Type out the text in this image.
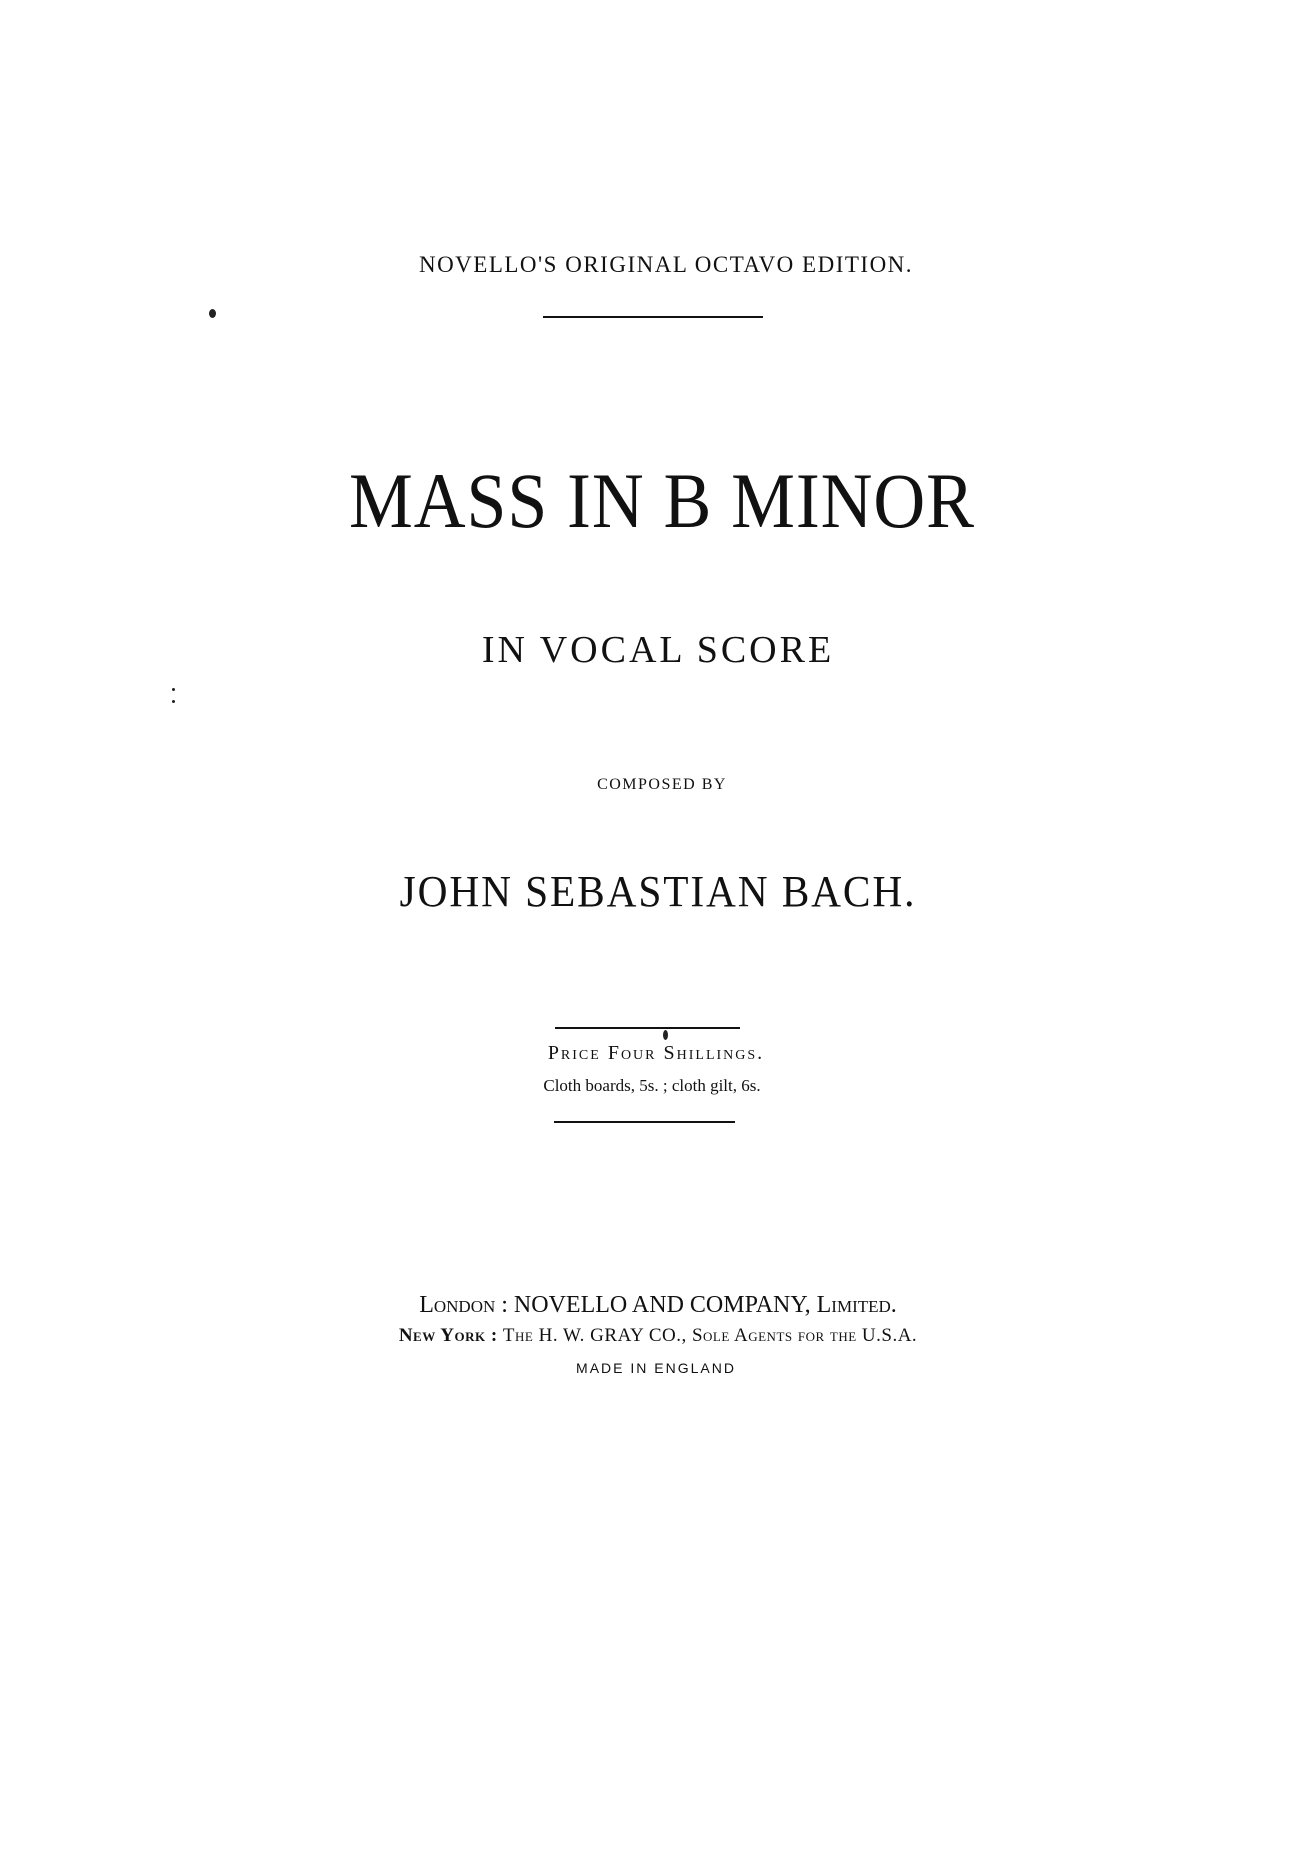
NOVELLO'S ORIGINAL OCTAVO EDITION.
MASS IN B MINOR
IN VOCAL SCORE
COMPOSED BY
JOHN SEBASTIAN BACH.
Price Four Shillings.
Cloth boards, 5s. ; cloth gilt, 6s.
London : NOVELLO AND COMPANY, Limited.
New York : The H. W. GRAY CO., Sole Agents for the U.S.A.
MADE IN ENGLAND
